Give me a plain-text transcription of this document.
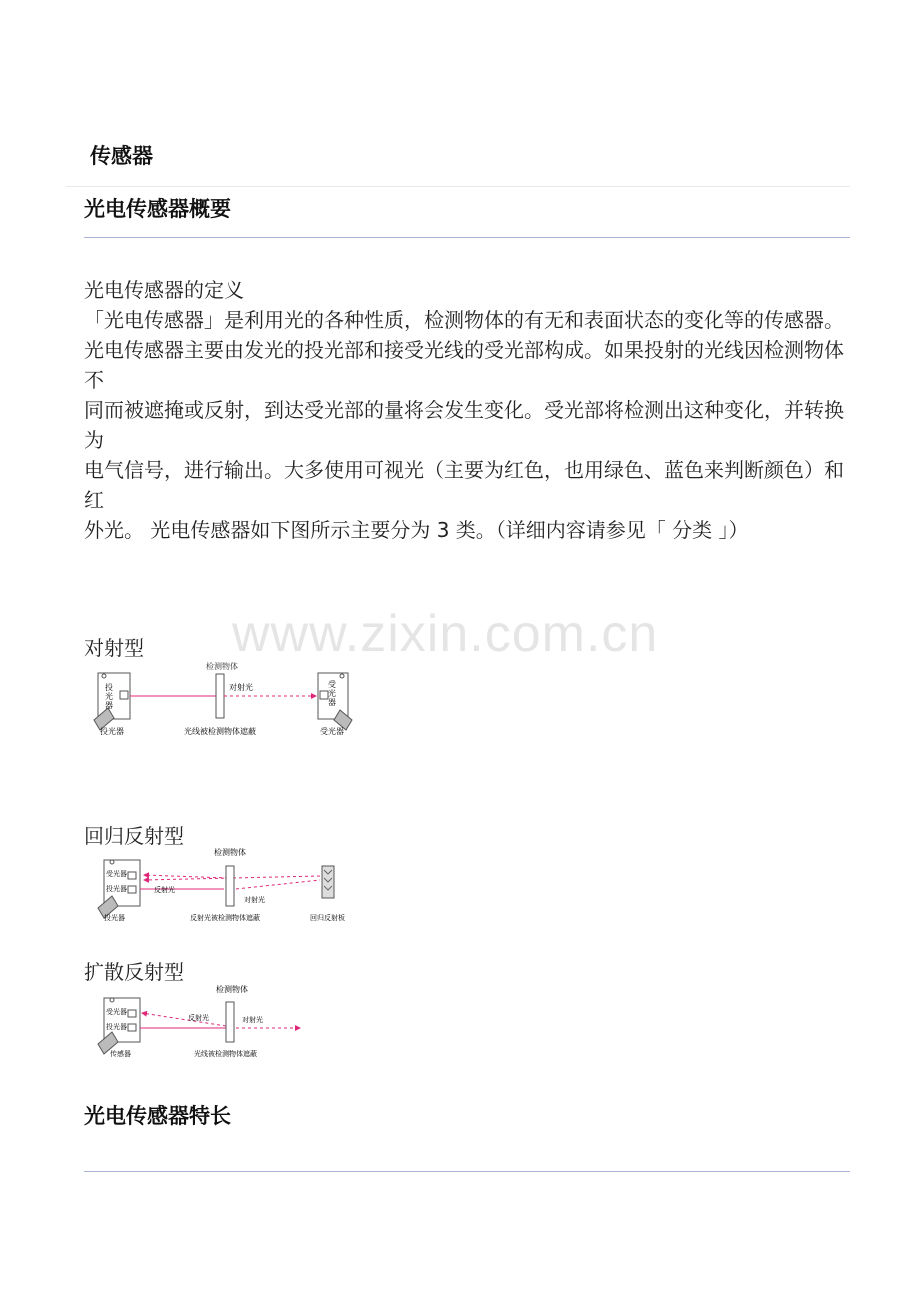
www.zixin.com.cn
传感器
光电传感器概要

光电传感器的定义

「光电传感器」是利用光的各种性质，检测物体的有无和表面状态的变化等的传感器。

光电传感器主要由发光的投光部和接受光线的受光部构成。如果投射的光线因检测物体不

同而被遮掩或反射，到达受光部的量将会发生变化。受光部将检测出这种变化，并转换为

电气信号，进行输出。大多使用可视光（主要为红色，也用绿色、蓝色来判断颜色）和红

外光。 光电传感器如下图所示主要分为 3 类。（详细内容请参见「 分类 」）

对射型
检测物体
投
光
器
对射光	受
光
器
投光器	光线被检测物体遮蔽	受光器
回归反射型
检测物体
受光器
投光器	反射光
对射光
投光器	反射光被检测物体遮蔽	回归反射板
扩散反射型
检测物体
受光器
投光器
反射光	对射光
传感器	光线被检测物体遮蔽
光电传感器特长
